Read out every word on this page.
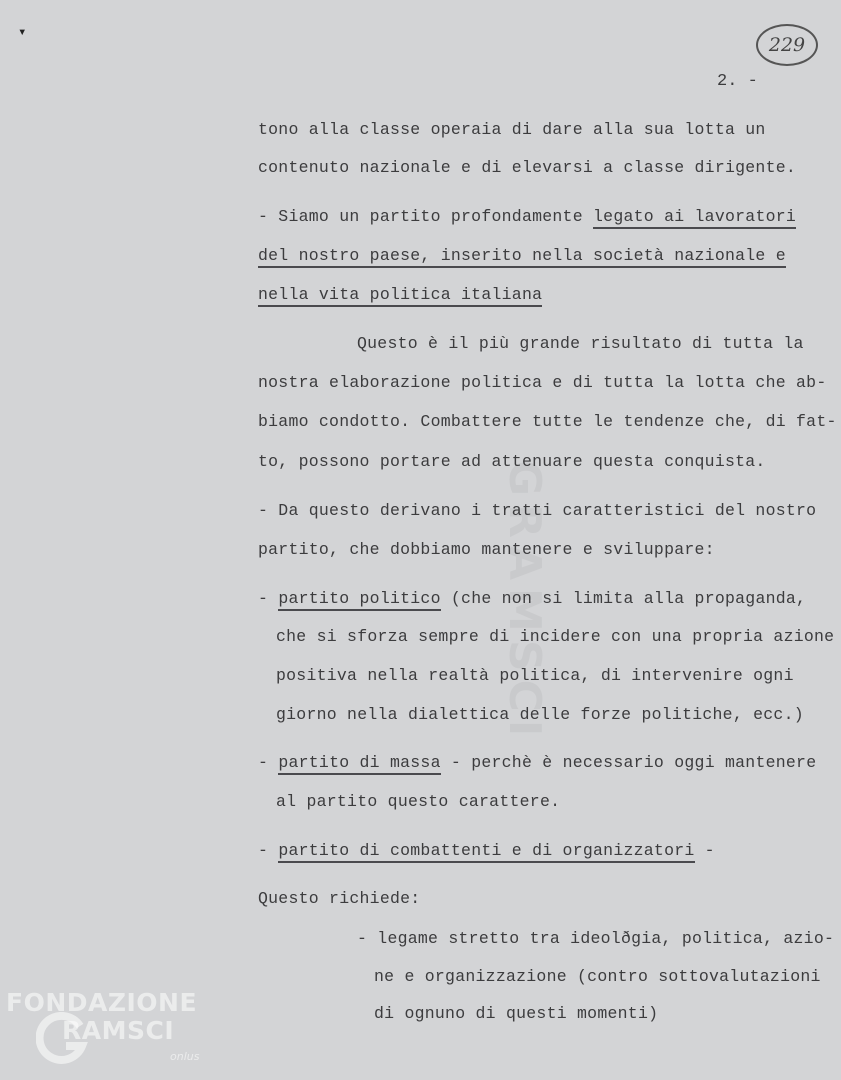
▾
229
2. -
tono alla classe operaia di dare alla sua lotta un
contenuto nazionale e di elevarsi a classe dirigente.
- Siamo un partito profondamente legato ai lavoratori
del nostro paese, inserito nella società nazionale e
nella vita politica italiana
Questo è il più grande risultato di tutta la
nostra elaborazione politica e di tutta la lotta che ab-
biamo condotto. Combattere tutte le tendenze che, di fat-
to, possono portare ad attenuare questa conquista.
- Da questo derivano i tratti caratteristici del nostro
partito, che dobbiamo mantenere e sviluppare:
- partito politico (che non si limita alla propaganda,
che si sforza sempre di incidere con una propria azione
positiva nella realtà politica, di intervenire ogni
giorno nella dialettica delle forze politiche, ecc.)
- partito di massa - perchè è necessario oggi mantenere
al partito questo carattere.
- partito di combattenti e di organizzatori -
Questo richiede:
- legame stretto tra ideolðgia, politica, azio-
ne e organizzazione (contro sottovalutazioni
di ognuno di questi momenti)
FONDAZIONE
RAMSCI
onlus
